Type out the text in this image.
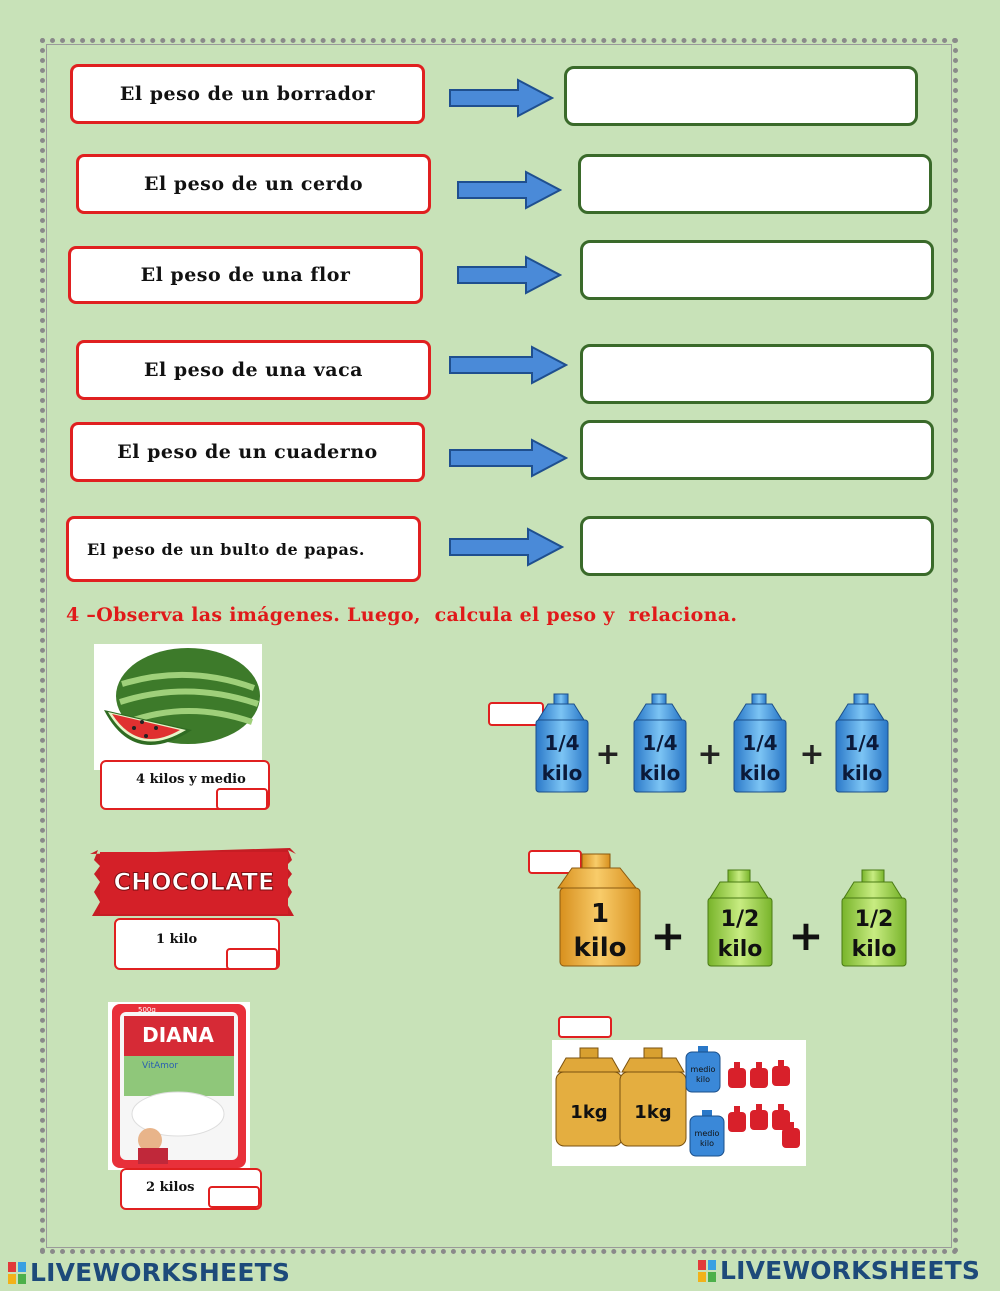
El peso de un borrador
El peso de un cerdo
El peso de una flor
El peso de una vaca
El peso de un cuaderno
El peso de un bulto de papas.
4 –Observa las imágenes. Luego,  calcula el peso y  relaciona.
4 kilos y medio
CHOCOLATE
1 kilo
500g
DIANA
VitAmor
2 kilos
1/4
kilo
+ 1/4
kilo
+ 1/4
kilo
+ 1/4
kilo
1
kilo + 1/2
kilo + 1/2
kilo
1kg 1kg
medio
kilo
medio
kilo
LIVEWORKSHEETS	LIVEWORKSHEETS
